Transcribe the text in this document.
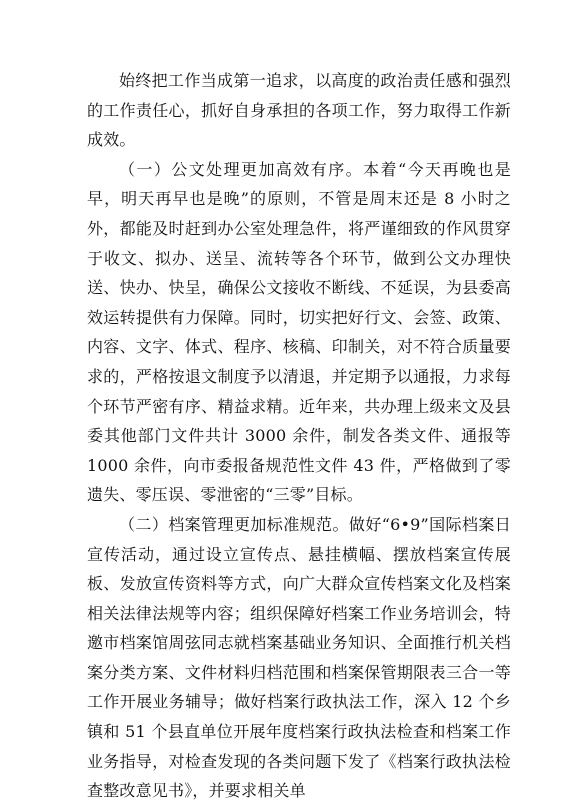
始终把工作当成第一追求，以高度的政治责任感和强烈的工作责任心，抓好自身承担的各项工作，努力取得工作新成效。

（一）公文处理更加高效有序。本着“今天再晚也是早，明天再早也是晚”的原则，不管是周末还是 8 小时之外，都能及时赶到办公室处理急件，将严谨细致的作风贯穿于收文、拟办、送呈、流转等各个环节，做到公文办理快送、快办、快呈，确保公文接收不断线、不延误，为县委高效运转提供有力保障。同时，切实把好行文、会签、政策、内容、文字、体式、程序、核稿、印制关，对不符合质量要求的，严格按退文制度予以清退，并定期予以通报，力求每个环节严密有序、精益求精。近年来，共办理上级来文及县委其他部门文件共计 3000 余件，制发各类文件、通报等 1000 余件，向市委报备规范性文件 43 件，严格做到了零遗失、零压误、零泄密的“三零”目标。

（二）档案管理更加标准规范。做好“6•9”国际档案日宣传活动，通过设立宣传点、悬挂横幅、摆放档案宣传展板、发放宣传资料等方式，向广大群众宣传档案文化及档案相关法律法规等内容；组织保障好档案工作业务培训会，特邀市档案馆周弦同志就档案基础业务知识、全面推行机关档案分类方案、文件材料归档范围和档案保管期限表三合一等工作开展业务辅导；做好档案行政执法工作，深入 12 个乡镇和 51 个县直单位开展年度档案行政执法检查和档案工作业务指导，对检查发现的各类问题下发了《档案行政执法检查整改意见书》，并要求相关单
